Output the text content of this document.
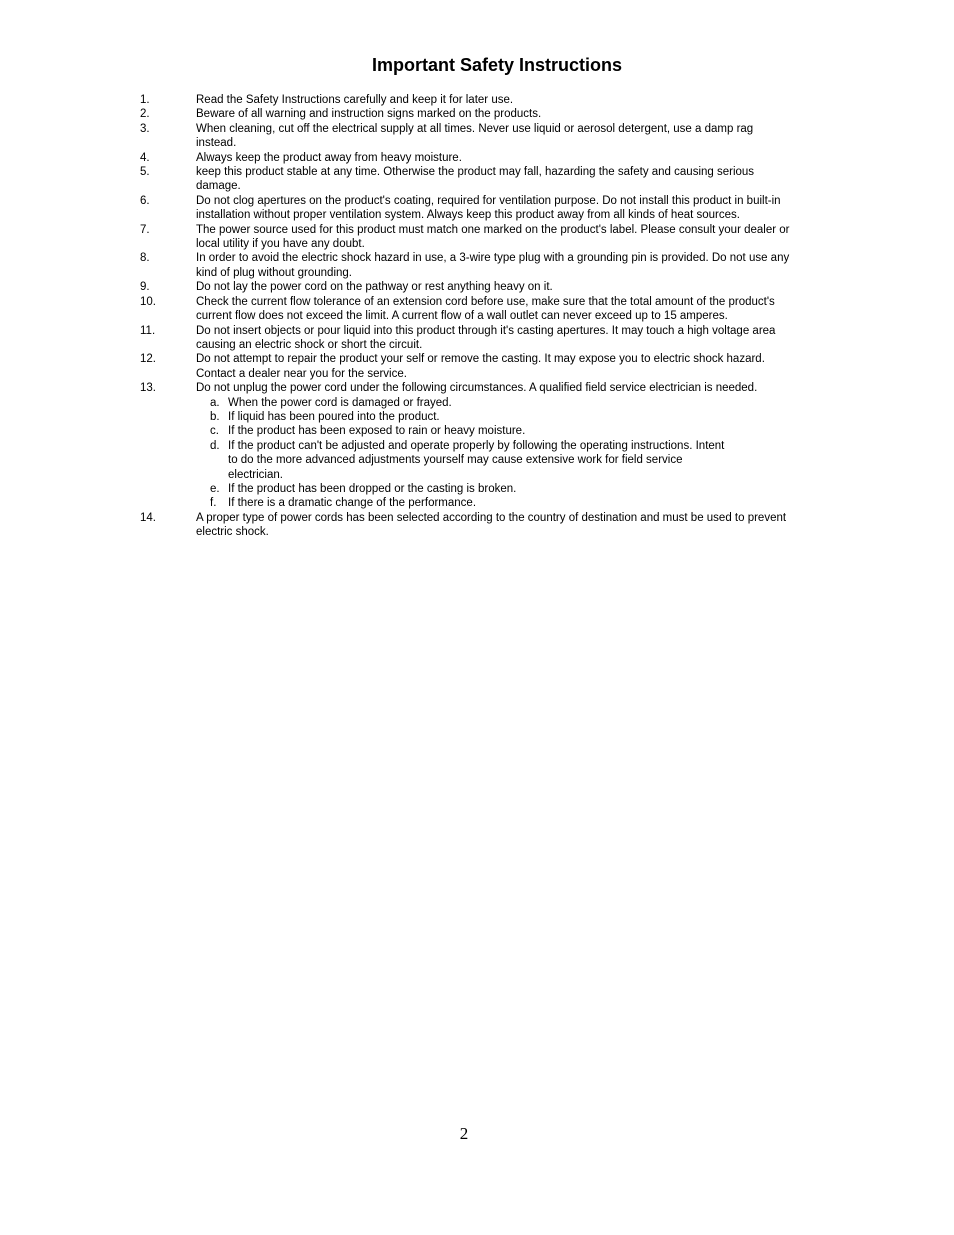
Important Safety Instructions
1.	Read the Safety Instructions carefully and keep it for later use.
2.	Beware of all warning and instruction signs marked on the products.
3.	When cleaning, cut off the electrical supply at all times. Never use liquid or aerosol detergent, use a damp rag instead.
4.	Always keep the product away from heavy moisture.
5.	keep this product stable at any time. Otherwise the product may fall, hazarding the safety and causing serious damage.
6.	Do not clog apertures on the product's coating, required for ventilation purpose. Do not install this product in built-in installation without proper ventilation system. Always keep this product away from all kinds of heat sources.
7.	The power source used for this product must match one marked on the product's label. Please consult your dealer or local utility if you have any doubt.
8.	In order to avoid the electric shock hazard in use, a 3-wire type plug with a grounding pin is provided. Do not use any kind of plug without grounding.
9.	Do not lay the power cord on the pathway or rest anything heavy on it.
10.	Check the current flow tolerance of an extension cord before use, make sure that the total amount of the product's current flow does not exceed the limit. A current flow of a wall outlet can never exceed up to 15 amperes.
11.	Do not insert objects or pour liquid into this product through it's casting apertures. It may touch a high voltage area causing an electric shock or short the circuit.
12.	Do not attempt to repair the product your self or remove the casting. It may expose you to electric shock hazard. Contact a dealer near you for the service.
13.	Do not unplug the power cord under the following circumstances. A qualified field service electrician is needed.
a. When the power cord is damaged or frayed.
b. If liquid has been poured into the product.
c. If the product has been exposed to rain or heavy moisture.
d. If the product can't be adjusted and operate properly by following the operating instructions. Intent to do the more advanced adjustments yourself may cause extensive work for field service electrician.
e. If the product has been dropped or the casting is broken.
f.	If there is a dramatic change of the performance.
14.	A proper type of power cords has been selected according to the country of destination and must be used to prevent electric shock.
2
